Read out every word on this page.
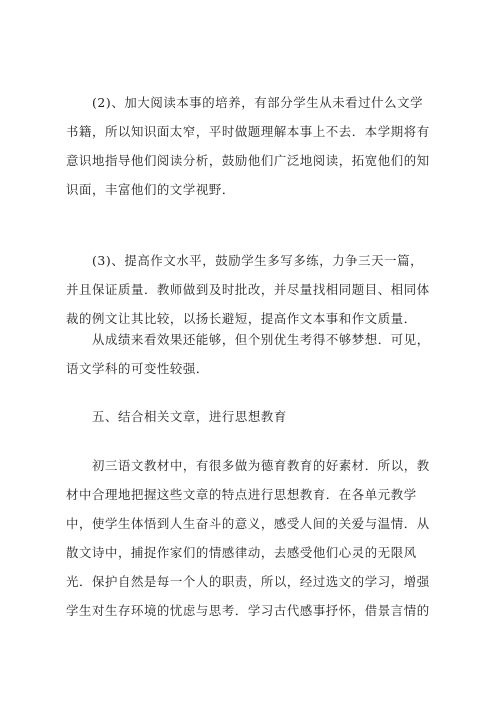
(2)、加大阅读本事的培养，有部分学生从未看过什么文学
书籍，所以知识面太窄，平时做题理解本事上不去．本学期将有
意识地指导他们阅读分析，鼓励他们广泛地阅读，拓宽他们的知
识面，丰富他们的文学视野．
(3)、提高作文水平，鼓励学生多写多练，力争三天一篇，
并且保证质量．教师做到及时批改，并尽量找相同题目、相同体
裁的例文让其比较，以扬长避短，提高作文本事和作文质量．
从成绩来看效果还能够，但个别优生考得不够梦想．可见，
语文学科的可变性较强．
五、结合相关文章，进行思想教育
初三语文教材中，有很多做为德育教育的好素材．所以，教
材中合理地把握这些文章的特点进行思想教育．在各单元教学
中，使学生体悟到人生奋斗的意义，感受人间的关爱与温情．从
散文诗中，捕捉作家们的情感律动，去感受他们心灵的无限风
光．保护自然是每一个人的职责，所以，经过选文的学习，增强
学生对生存环境的忧虑与思考．学习古代感事抒怀，借景言情的
